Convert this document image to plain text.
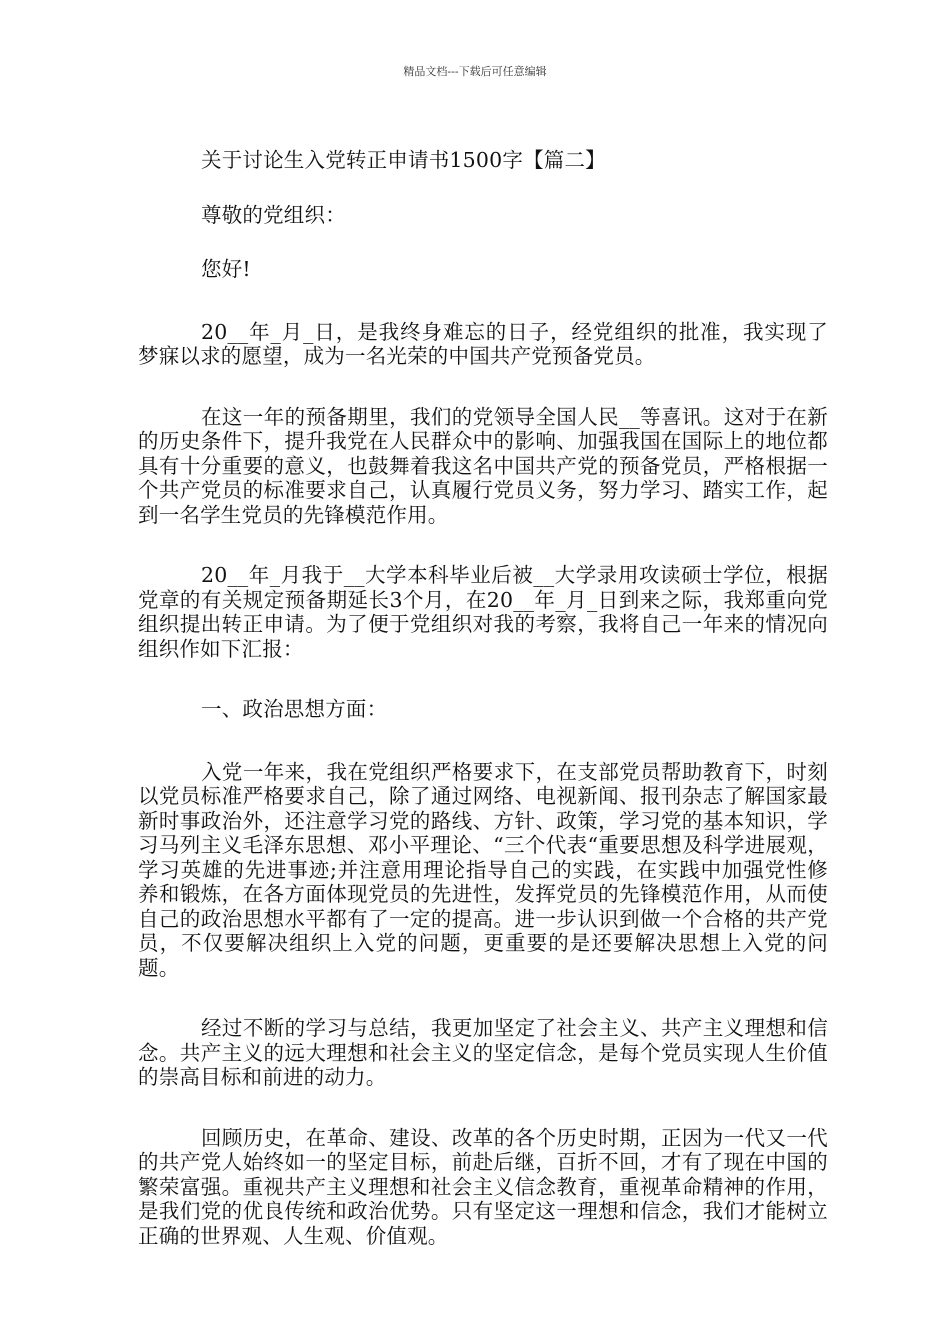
精品文档---下载后可任意编辑

关于讨论生入党转正申请书1500字【篇二】

尊敬的党组织：

您好!

20__年_月_日，是我终身难忘的日子，经党组织的批准，我实现了梦寐以求的愿望，成为一名光荣的中国共产党预备党员。

在这一年的预备期里，我们的党领导全国人民__等喜讯。这对于在新的历史条件下，提升我党在人民群众中的影响、加强我国在国际上的地位都具有十分重要的意义，也鼓舞着我这名中国共产党的预备党员，严格根据一个共产党员的标准要求自己，认真履行党员义务，努力学习、踏实工作，起到一名学生党员的先锋模范作用。

20__年_月我于__大学本科毕业后被__大学录用攻读硕士学位，根据党章的有关规定预备期延长3个月，在20__年_月_日到来之际，我郑重向党组织提出转正申请。为了便于党组织对我的考察，我将自己一年来的情况向组织作如下汇报：

一、政治思想方面：

入党一年来，我在党组织严格要求下，在支部党员帮助教育下，时刻以党员标准严格要求自己，除了通过网络、电视新闻、报刊杂志了解国家最新时事政治外，还注意学习党的路线、方针、政策，学习党的基本知识，学习马列主义毛泽东思想、邓小平理论、“三个代表“重要思想及科学进展观，学习英雄的先进事迹;并注意用理论指导自己的实践，在实践中加强党性修养和锻炼，在各方面体现党员的先进性，发挥党员的先锋模范作用，从而使自己的政治思想水平都有了一定的提高。进一步认识到做一个合格的共产党员，不仅要解决组织上入党的问题，更重要的是还要解决思想上入党的问题。

经过不断的学习与总结，我更加坚定了社会主义、共产主义理想和信念。共产主义的远大理想和社会主义的坚定信念，是每个党员实现人生价值的崇高目标和前进的动力。

回顾历史，在革命、建设、改革的各个历史时期，正因为一代又一代的共产党人始终如一的坚定目标，前赴后继，百折不回，才有了现在中国的繁荣富强。重视共产主义理想和社会主义信念教育，重视革命精神的作用，是我们党的优良传统和政治优势。只有坚定这一理想和信念，我们才能树立正确的世界观、人生观、价值观。
